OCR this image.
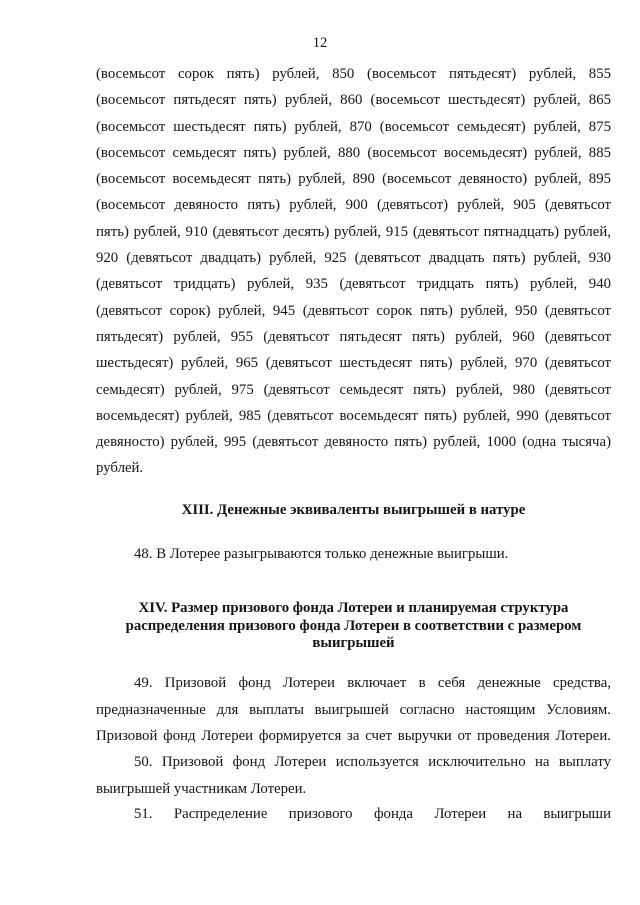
12
(восемьсот сорок пять) рублей, 850 (восемьсот пятьдесят) рублей, 855
(восемьсот пятьдесят пять) рублей, 860 (восемьсот шестьдесят) рублей, 865
(восемьсот шестьдесят пять) рублей, 870 (восемьсот семьдесят) рублей, 875
(восемьсот семьдесят пять) рублей, 880 (восемьсот восемьдесят) рублей, 885
(восемьсот восемьдесят пять) рублей, 890 (восемьсот девяносто) рублей, 895
(восемьсот девяносто пять) рублей, 900 (девятьсот) рублей, 905 (девятьсот
пять) рублей, 910 (девятьсот десять) рублей, 915 (девятьсот пятнадцать) рублей,
920 (девятьсот двадцать) рублей, 925 (девятьсот двадцать пять) рублей, 930
(девятьсот тридцать) рублей, 935 (девятьсот тридцать пять) рублей, 940
(девятьсот сорок) рублей, 945 (девятьсот сорок пять) рублей, 950 (девятьсот
пятьдесят) рублей, 955 (девятьсот пятьдесят пять) рублей, 960 (девятьсот
шестьдесят) рублей, 965 (девятьсот шестьдесят пять) рублей, 970 (девятьсот
семьдесят) рублей, 975 (девятьсот семьдесят пять) рублей, 980 (девятьсот
восемьдесят) рублей, 985 (девятьсот восемьдесят пять) рублей, 990 (девятьсот
девяносто) рублей, 995 (девятьсот девяносто пять) рублей, 1000 (одна тысяча)
рублей.
XIII. Денежные эквиваленты выигрышей в натуре
48. В Лотерее разыгрываются только денежные выигрыши.
XIV. Размер призового фонда Лотереи и планируемая структура
распределения призового фонда Лотереи в соответствии с размером
выигрышей
49. Призовой фонд Лотереи включает в себя денежные средства,
предназначенные для выплаты выигрышей согласно настоящим Условиям.
Призовой фонд Лотереи формируется за счет выручки от проведения Лотереи.
50. Призовой фонд Лотереи используется исключительно на выплату
выигрышей участникам Лотереи.
51. Распределение призового фонда Лотереи на выигрыши
